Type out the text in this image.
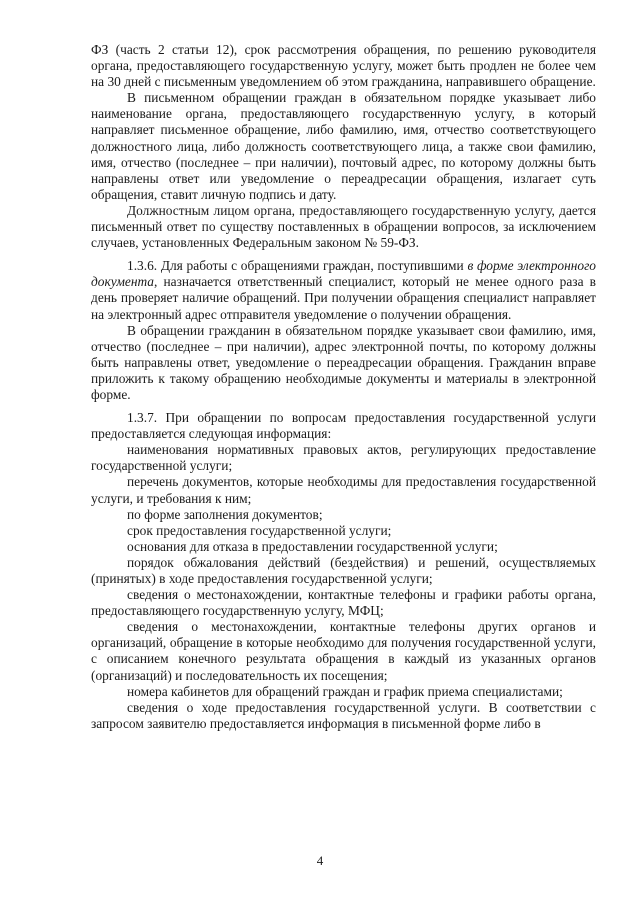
ФЗ (часть 2 статьи 12), срок рассмотрения обращения, по решению руководителя органа, предоставляющего государственную услугу, может быть продлен не более чем на 30 дней с письменным уведомлением об этом гражданина, направившего обращение.

В письменном обращении граждан в обязательном порядке указывает либо наименование органа, предоставляющего государственную услугу, в который направляет письменное обращение, либо фамилию, имя, отчество соответствующего должностного лица, либо должность соответствующего лица, а также свои фамилию, имя, отчество (последнее – при наличии), почтовый адрес, по которому должны быть направлены ответ или уведомление о переадресации обращения, излагает суть обращения, ставит личную подпись и дату.

Должностным лицом органа, предоставляющего государственную услугу, дается письменный ответ по существу поставленных в обращении вопросов, за исключением случаев, установленных Федеральным законом № 59-ФЗ.

1.3.6. Для работы с обращениями граждан, поступившими в форме электронного документа, назначается ответственный специалист, который не менее одного раза в день проверяет наличие обращений. При получении обращения специалист направляет на электронный адрес отправителя уведомление о получении обращения.

В обращении гражданин в обязательном порядке указывает свои фамилию, имя, отчество (последнее – при наличии), адрес электронной почты, по которому должны быть направлены ответ, уведомление о переадресации обращения. Гражданин вправе приложить к такому обращению необходимые документы и материалы в электронной форме.

1.3.7. При обращении по вопросам предоставления государственной услуги предоставляется следующая информация:

наименования нормативных правовых актов, регулирующих предоставление государственной услуги;

перечень документов, которые необходимы для предоставления государственной услуги, и требования к ним;

по форме заполнения документов;

срок предоставления государственной услуги;

основания для отказа в предоставлении государственной услуги;

порядок обжалования действий (бездействия) и решений, осуществляемых (принятых) в ходе предоставления государственной услуги;

сведения о местонахождении, контактные телефоны и графики работы органа, предоставляющего государственную услугу, МФЦ;

сведения о местонахождении, контактные телефоны других органов и организаций, обращение в которые необходимо для получения государственной услуги, с описанием конечного результата обращения в каждый из указанных органов (организаций) и последовательность их посещения;

номера кабинетов для обращений граждан и график приема специалистами;

сведения о ходе предоставления государственной услуги. В соответствии с запросом заявителю предоставляется информация в письменной форме либо в

4
